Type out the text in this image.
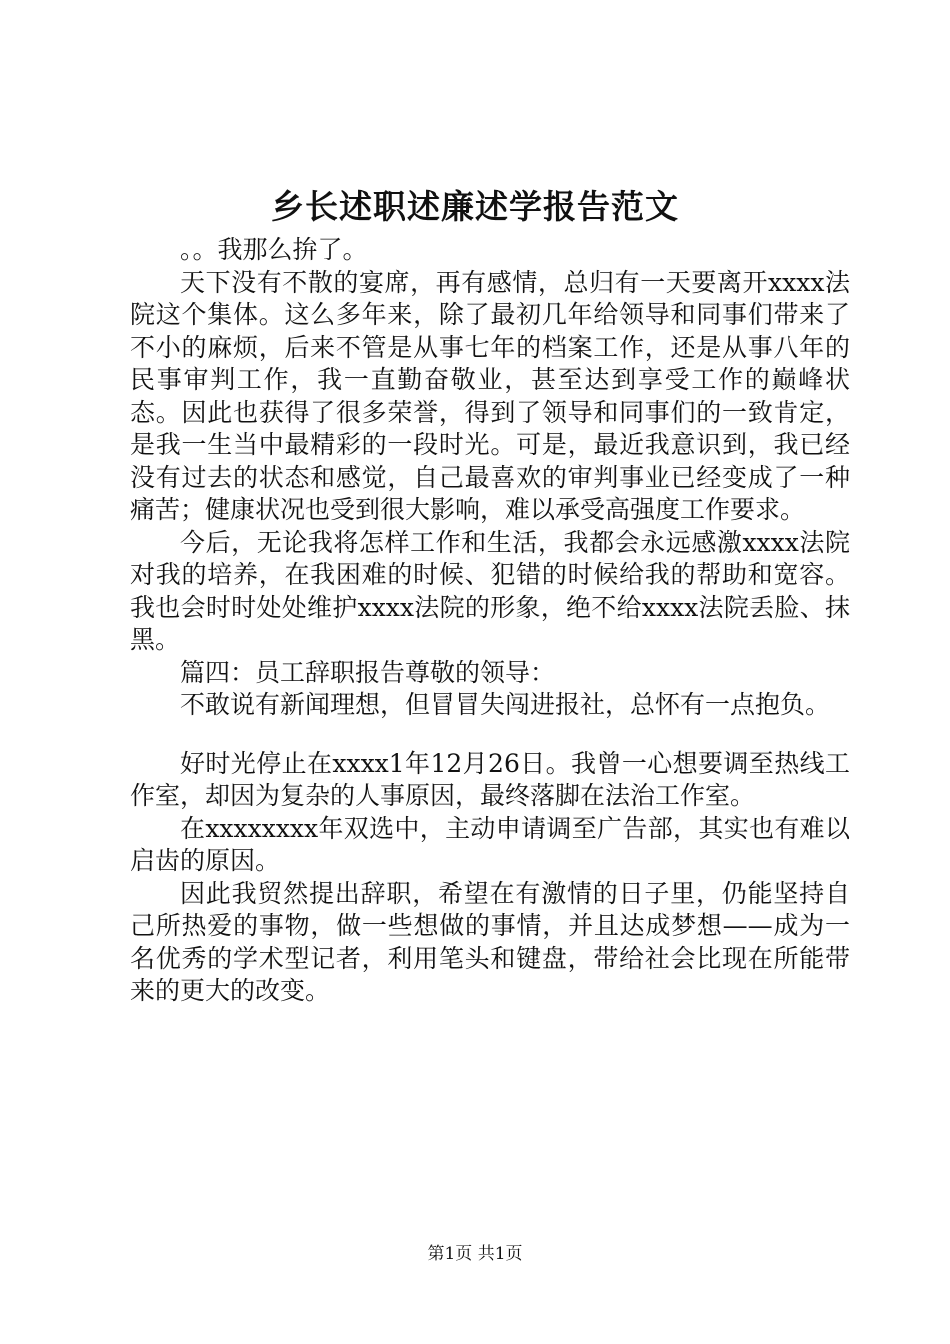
乡长述职述廉述学报告范文

。。我那么拚了。

天下没有不散的宴席，再有感情，总归有一天要离开xxxx法院这个集体。这么多年来，除了最初几年给领导和同事们带来了不小的麻烦，后来不管是从事七年的档案工作，还是从事八年的民事审判工作，我一直勤奋敬业，甚至达到享受工作的巅峰状态。因此也获得了很多荣誉，得到了领导和同事们的一致肯定，是我一生当中最精彩的一段时光。可是，最近我意识到，我已经没有过去的状态和感觉，自己最喜欢的审判事业已经变成了一种痛苦；健康状况也受到很大影响，难以承受高强度工作要求。

今后，无论我将怎样工作和生活，我都会永远感激xxxx法院对我的培养，在我困难的时候、犯错的时候给我的帮助和宽容。我也会时时处处维护xxxx法院的形象，绝不给xxxx法院丢脸、抹黑。

篇四：员工辞职报告尊敬的领导：

不敢说有新闻理想，但冒冒失闯进报社，总怀有一点抱负。

好时光停止在xxxx1年12月26日。我曾一心想要调至热线工作室，却因为复杂的人事原因，最终落脚在法治工作室。

在xxxxxxxx年双选中，主动申请调至广告部，其实也有难以启齿的原因。

因此我贸然提出辞职，希望在有激情的日子里，仍能坚持自己所热爱的事物，做一些想做的事情，并且达成梦想——成为一名优秀的学术型记者，利用笔头和键盘，带给社会比现在所能带来的更大的改变。

第1页 共1页
